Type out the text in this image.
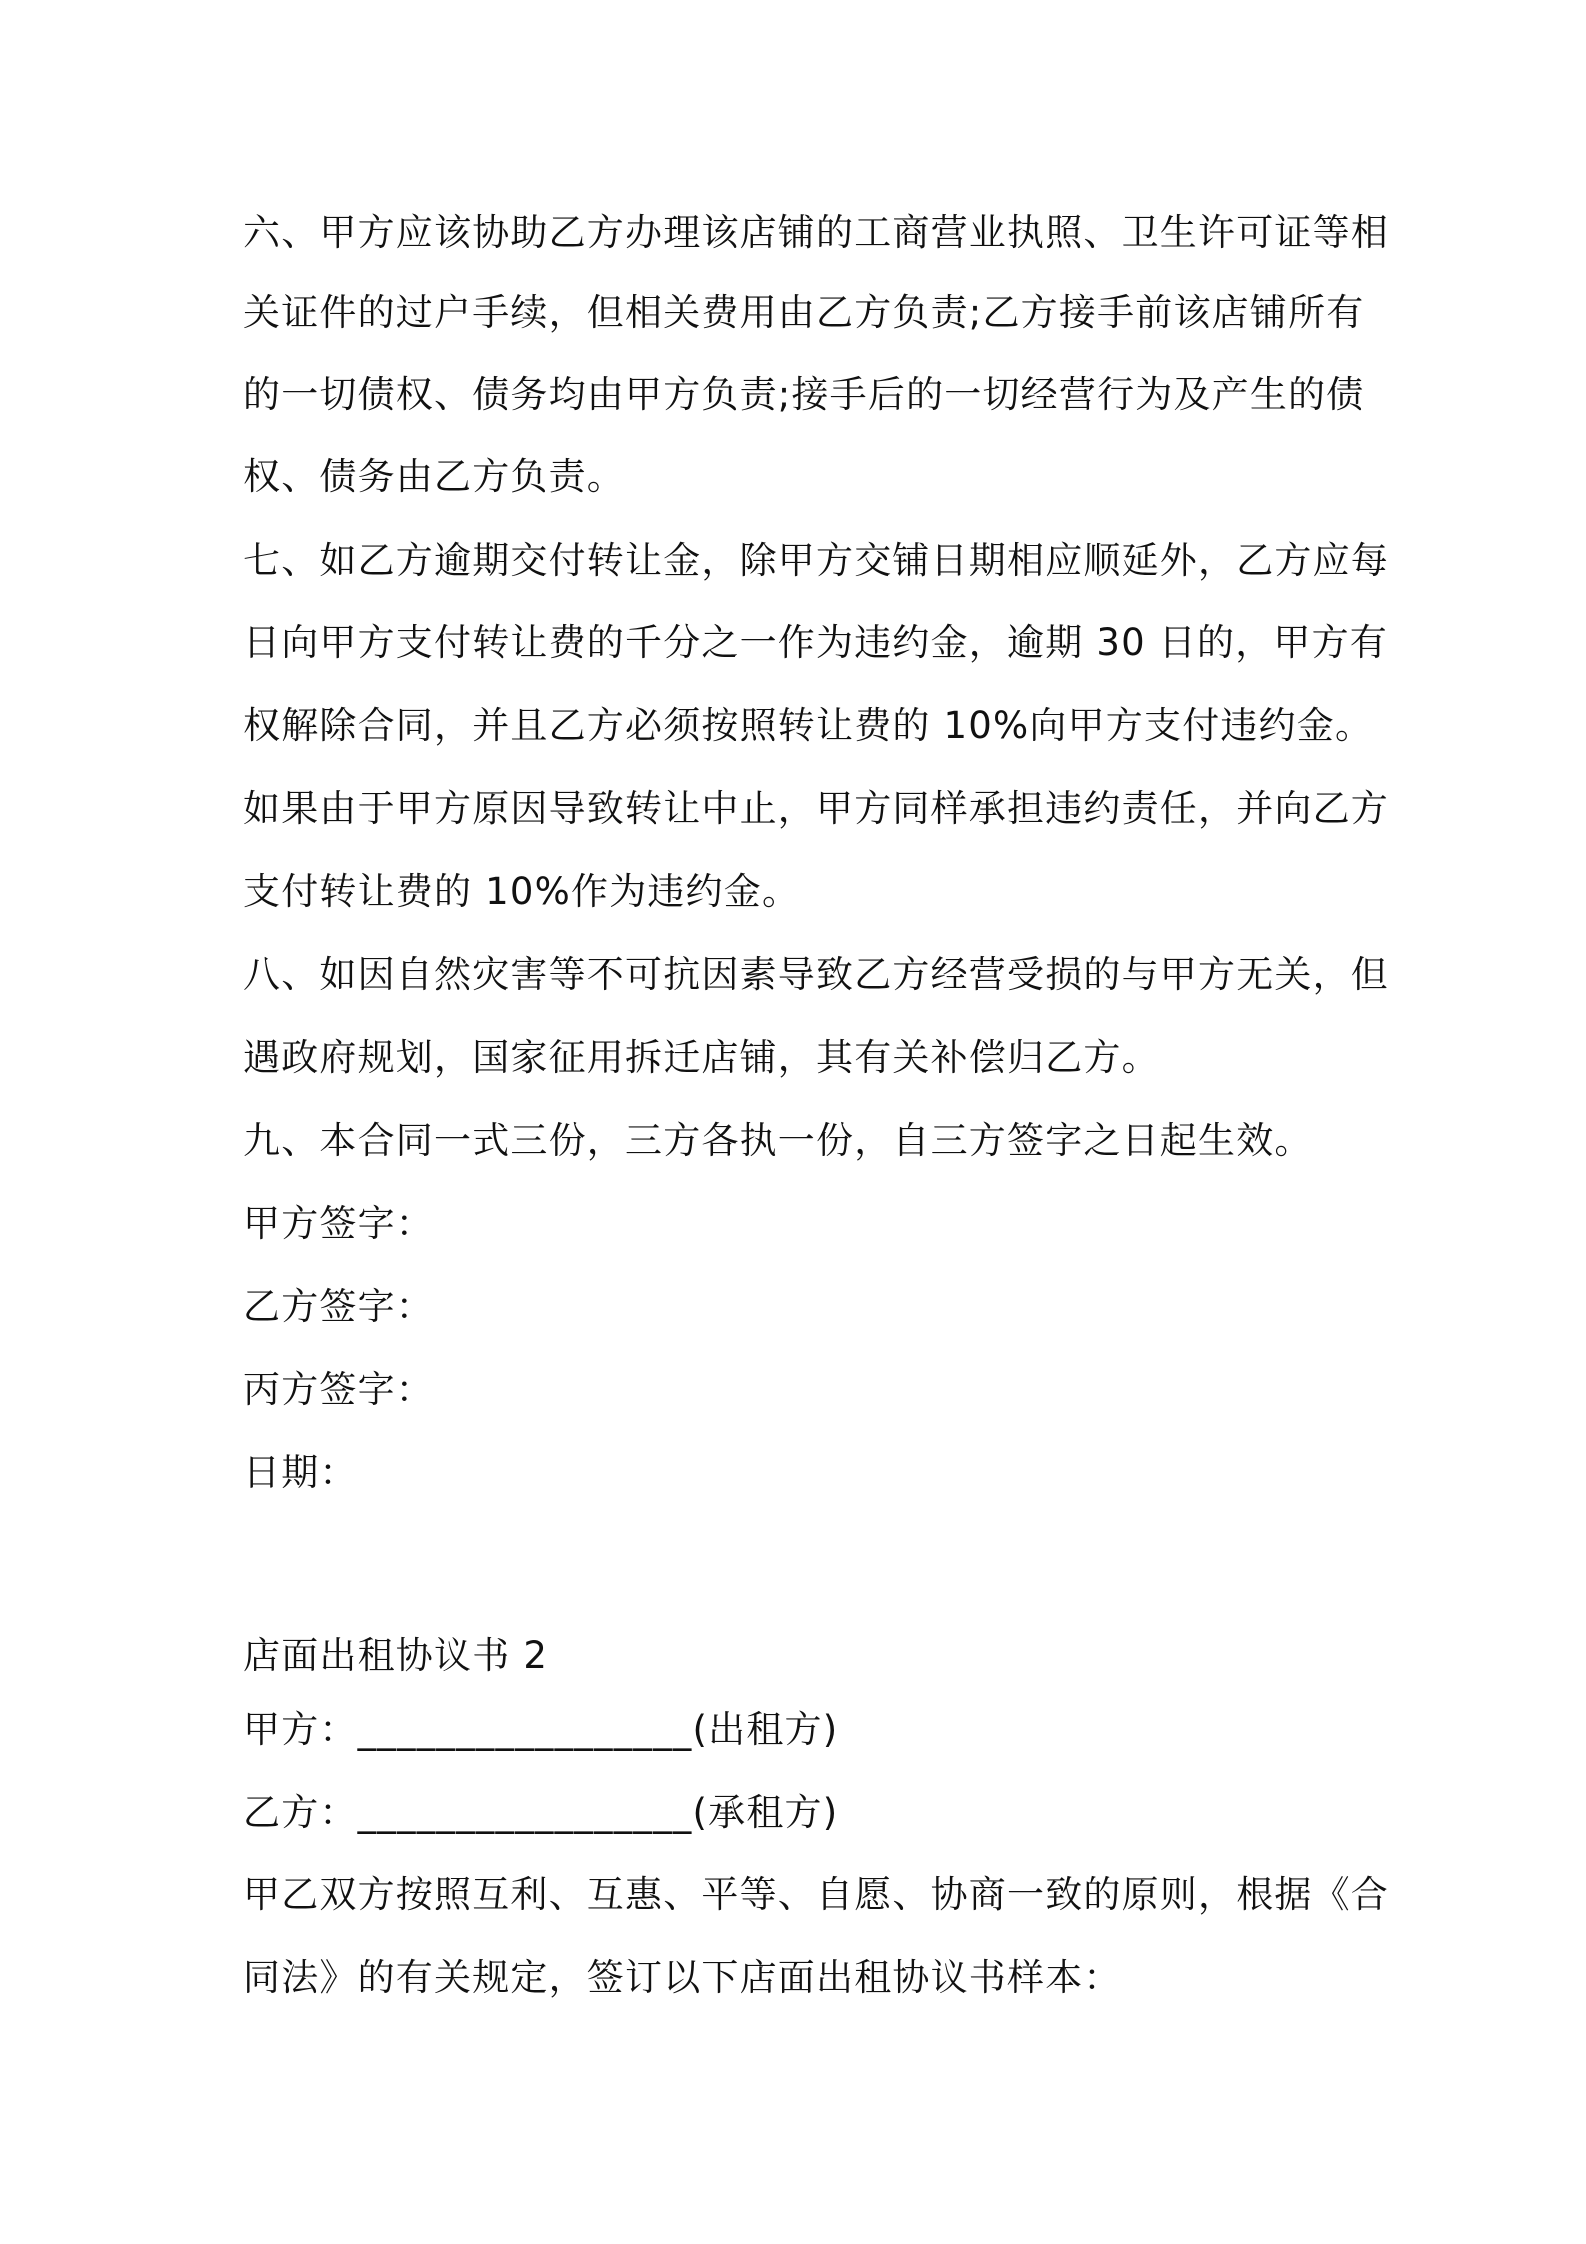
六、甲方应该协助乙方办理该店铺的工商营业执照、卫生许可证等相
关证件的过户手续，但相关费用由乙方负责;乙方接手前该店铺所有
的一切债权、债务均由甲方负责;接手后的一切经营行为及产生的债
权、债务由乙方负责。
七、如乙方逾期交付转让金，除甲方交铺日期相应顺延外，乙方应每
日向甲方支付转让费的千分之一作为违约金，逾期 30 日的，甲方有
权解除合同，并且乙方必须按照转让费的 10%向甲方支付违约金。
如果由于甲方原因导致转让中止，甲方同样承担违约责任，并向乙方
支付转让费的 10%作为违约金。
八、如因自然灾害等不可抗因素导致乙方经营受损的与甲方无关，但
遇政府规划，国家征用拆迁店铺，其有关补偿归乙方。
九、本合同一式三份，三方各执一份，自三方签字之日起生效。
甲方签字：
乙方签字：
丙方签字：
日期：
店面出租协议书 2
甲方：_________________(出租方)
乙方：_________________(承租方)
甲乙双方按照互利、互惠、平等、自愿、协商一致的原则，根据《合
同法》的有关规定，签订以下店面出租协议书样本：
